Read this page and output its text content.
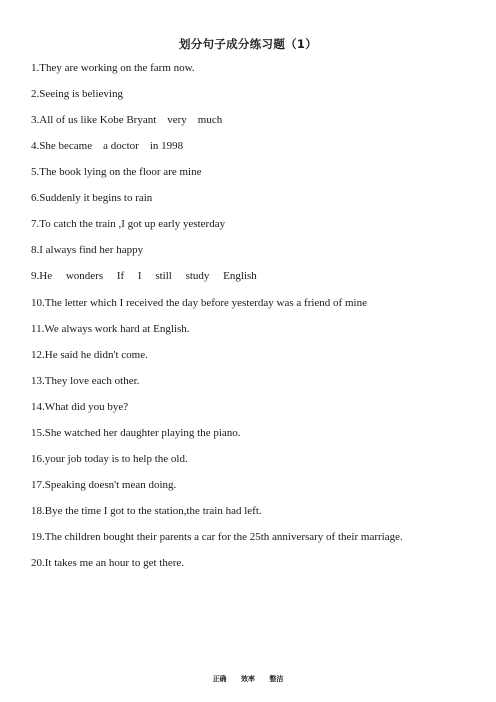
划分句子成分练习题（1）
1.They are working on the farm now.
2.Seeing is believing
3.All of us like Kobe Bryant    very    much
4.She became    a doctor    in 1998
5.The book lying on the floor are mine
6.Suddenly it begins to rain
7.To catch the train ,I got up early yesterday
8.I always find her happy
9.He wonders If I still study English
10.The letter which I received the day before yesterday was a friend of mine
11.We always work hard at English.
12.He said he didn't come.
13.They love each other.
14.What did you bye?
15.She watched her daughter playing the piano.
16.your job today is to help the old.
17.Speaking doesn't mean doing.
18.Bye the time I got to the station,the train had left.
19.The children bought their parents a car for the 25th anniversary of their marriage.
20.It takes me an hour to get there.
正确 效率 整洁
